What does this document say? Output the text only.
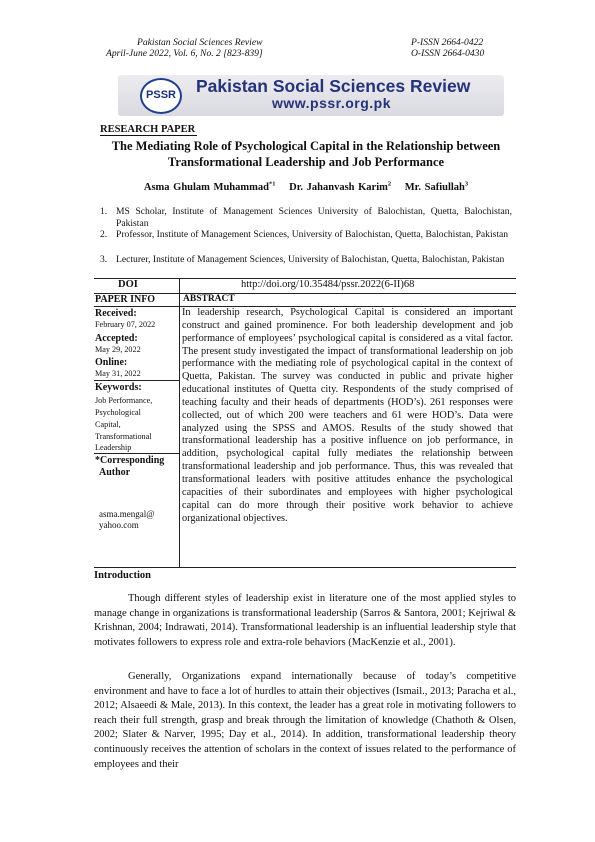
Pakistan Social Sciences Review
April-June 2022, Vol. 6, No. 2 [823-839]
P-ISSN 2664-0422
O-ISSN 2664-0430
PSSR Pakistan Social Sciences Review
www.pssr.org.pk
RESEARCH PAPER
The Mediating Role of Psychological Capital in the Relationship between Transformational Leadership and Job Performance
Asma Ghulam Muhammad$^{*1}$ Dr. Jahanvash Karim$^2$ Mr. Safiullah$^3$
1. MS Scholar, Institute of Management Sciences University of Balochistan, Quetta, Balochistan, Pakistan
2. Professor, Institute of Management Sciences, University of Balochistan, Quetta, Balochistan, Pakistan
3. Lecturer, Institute of Management Sciences, University of Balochistan, Quetta, Balochistan, Pakistan
DOI	http://doi.org/10.35484/pssr.2022(6-II)68
PAPER INFO	ABSTRACT
Received:
February 07, 2022
Accepted:
May 29, 2022
Online:
May 31, 2022
Keywords:
Job Performance,
Psychological
Capital,
Transformational
Leadership
*Corresponding
Author
asma.mengal@
yahoo.com
In leadership research, Psychological Capital is considered an important construct and gained prominence. For both leadership development and job performance of employees’ psychological capital is considered as a vital factor. The present study investigated the impact of transformational leadership on job performance with the mediating role of psychological capital in the context of Quetta, Pakistan. The survey was conducted in public and private higher educational institutes of Quetta city. Respondents of the study comprised of teaching faculty and their heads of departments (HOD’s). 261 responses were collected, out of which 200 were teachers and 61 were HOD’s. Data were analyzed using the SPSS and AMOS. Results of the study showed that transformational leadership has a positive influence on job performance, in addition, psychological capital fully mediates the relationship between transformational leadership and job performance. Thus, this was revealed that transformational leaders with positive attitudes enhance the psychological capacities of their subordinates and employees with higher psychological capital can do more through their positive work behavior to achieve organizational objectives.
Introduction
Though different styles of leadership exist in literature one of the most applied styles to manage change in organizations is transformational leadership (Sarros & Santora, 2001; Kejriwal & Krishnan, 2004; Indrawati, 2014). Transformational leadership is an influential leadership style that motivates followers to express role and extra-role behaviors (MacKenzie et al., 2001).
Generally, Organizations expand internationally because of today’s competitive environment and have to face a lot of hurdles to attain their objectives (Ismail., 2013; Paracha et al., 2012; Alsaeedi & Male, 2013). In this context, the leader has a great role in motivating followers to reach their full strength, grasp and break through the limitation of knowledge (Chathoth & Olsen, 2002; Slater & Narver, 1995; Day et al., 2014). In addition, transformational leadership theory continuously receives the attention of scholars in the context of issues related to the performance of employees and their
